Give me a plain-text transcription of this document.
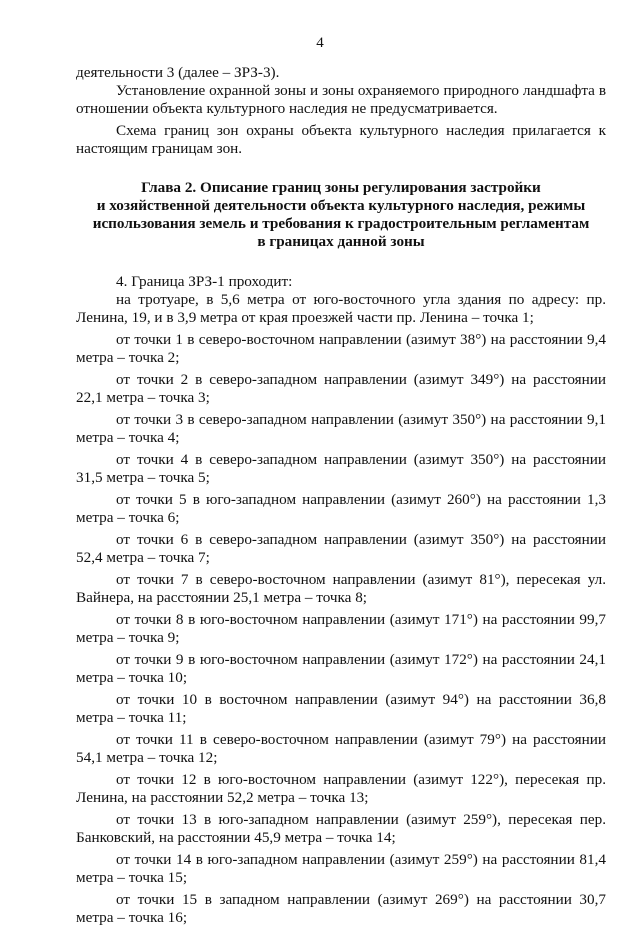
4

деятельности 3 (далее – ЗРЗ-3).

Установление охранной зоны и зоны охраняемого природного ландшафта в отношении объекта культурного наследия не предусматривается.

Схема границ зон охраны объекта культурного наследия прилагается к настоящим границам зон.

Глава 2. Описание границ зоны регулирования застройки
и хозяйственной деятельности объекта культурного наследия, режимы
использования земель и требования к градостроительным регламентам
в границах данной зоны

4. Граница ЗРЗ-1 проходит:

на тротуаре, в 5,6 метра от юго-восточного угла здания по адресу: пр. Ленина, 19, и в 3,9 метра от края проезжей части пр. Ленина – точка 1;

от точки 1 в северо-восточном направлении (азимут 38°) на расстоянии 9,4 метра – точка 2;

от точки 2 в северо-западном направлении (азимут 349°) на расстоянии 22,1 метра – точка 3;

от точки 3 в северо-западном направлении (азимут 350°) на расстоянии 9,1 метра – точка 4;

от точки 4 в северо-западном направлении (азимут 350°) на расстоянии 31,5 метра – точка 5;

от точки 5 в юго-западном направлении (азимут 260°) на расстоянии 1,3 метра – точка 6;

от точки 6 в северо-западном направлении (азимут 350°) на расстоянии 52,4 метра – точка 7;

от точки 7 в северо-восточном направлении (азимут 81°), пересекая ул. Вайнера, на расстоянии 25,1 метра – точка 8;

от точки 8 в юго-восточном направлении (азимут 171°) на расстоянии 99,7 метра – точка 9;

от точки 9 в юго-восточном направлении (азимут 172°) на расстоянии 24,1 метра – точка 10;

от точки 10 в восточном направлении (азимут 94°) на расстоянии 36,8 метра – точка 11;

от точки 11 в северо-восточном направлении (азимут 79°) на расстоянии 54,1 метра – точка 12;

от точки 12 в юго-восточном направлении (азимут 122°), пересекая пр. Ленина, на расстоянии 52,2 метра – точка 13;

от точки 13 в юго-западном направлении (азимут 259°), пересекая пер. Банковский, на расстоянии 45,9 метра – точка 14;

от точки 14 в юго-западном направлении (азимут 259°) на расстоянии 81,4 метра – точка 15;

от точки 15 в западном направлении (азимут 269°) на расстоянии 30,7 метра – точка 16;
